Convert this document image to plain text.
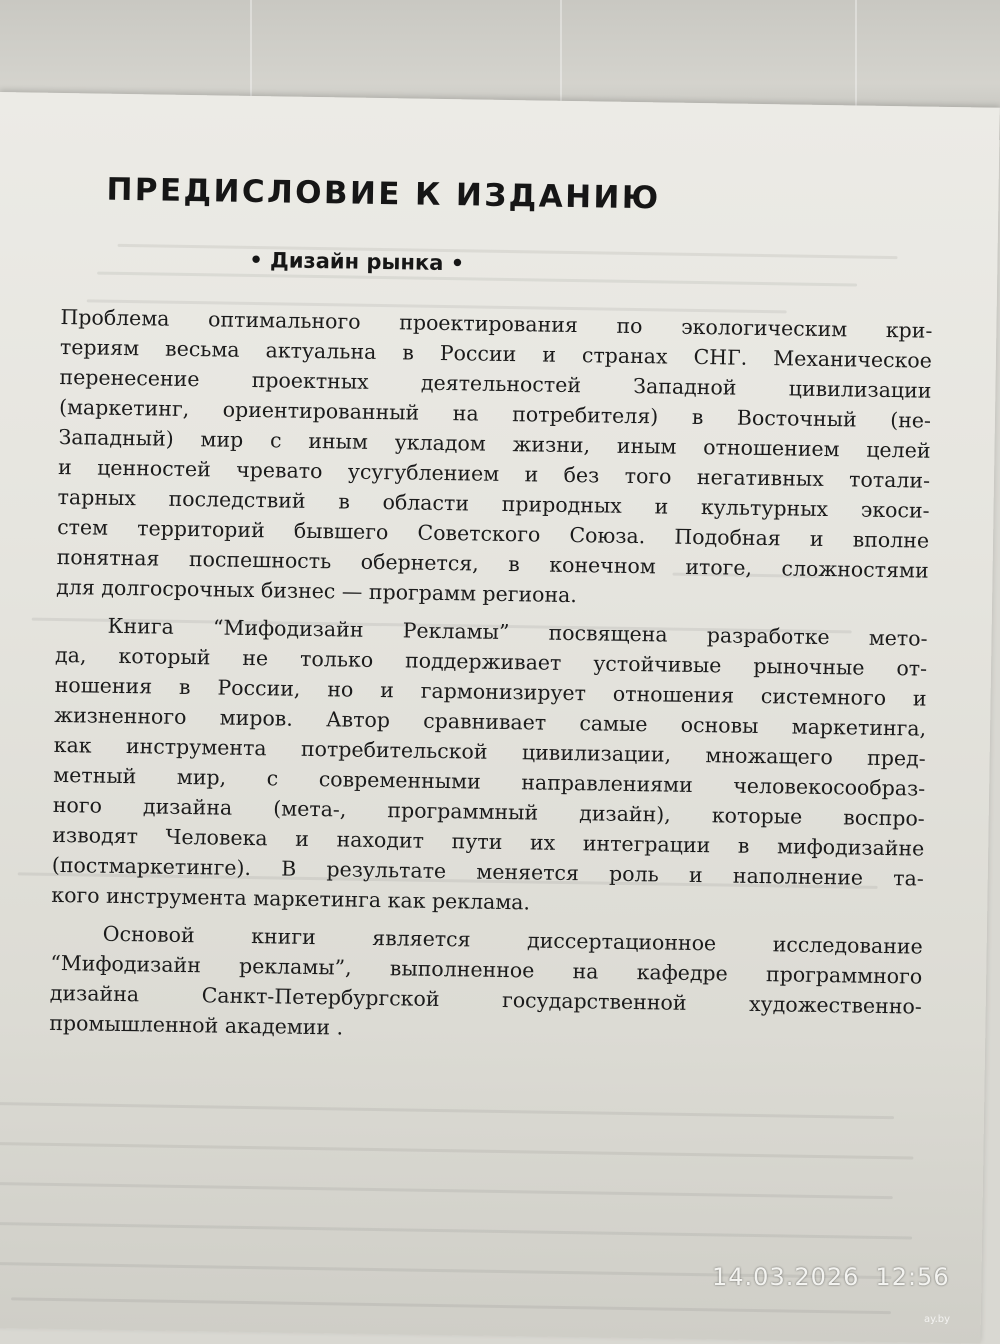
ПРЕДИСЛОВИЕ К ИЗДАНИЮ
• Дизайн рынка •
Проблема оптимального проектирования по экологическим кри-
териям весьма актуальна в России и странах СНГ. Механическое
перенесение проектных деятельностей Западной цивилизации
(маркетинг, ориентированный на потребителя) в Восточный (не-
Западный) мир с иным укладом жизни, иным отношением целей
и ценностей чревато усугублением и без того негативных тотали-
тарных последствий в области природных и культурных экоси-
стем территорий бывшего Советского Союза. Подобная и вполне
понятная поспешность обернется, в конечном итоге, сложностями
для долгосрочных бизнес — программ региона.
Книга “Мифодизайн Рекламы” посвящена разработке мето-
да, который не только поддерживает устойчивые рыночные от-
ношения в России, но и гармонизирует отношения системного и
жизненного миров. Автор сравнивает самые основы маркетинга,
как инструмента потребительской цивилизации, множащего пред-
метный мир, с современными направлениями человекосообраз-
ного дизайна (мета-, программный дизайн), которые воспро-
изводят Человека и находит пути их интеграции в мифодизайне
(постмаркетинге). В результате меняется роль и наполнение та-
кого инструмента маркетинга как реклама.
Основой книги является диссертационное исследование
“Мифодизайн рекламы”, выполненное на кафедре программного
дизайна Санкт-Петербургской государственной художественно-
промышленной академии .
14.03.2026 12:56
ay.by
